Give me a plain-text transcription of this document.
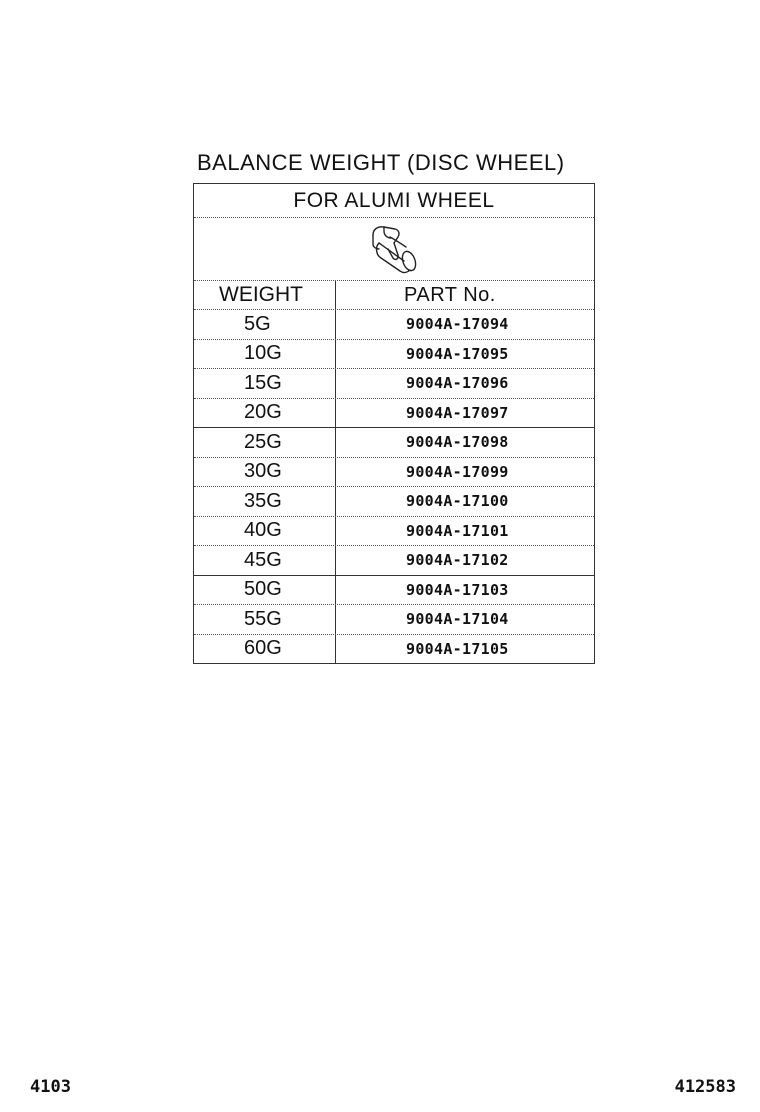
BALANCE WEIGHT (DISC WHEEL)
FOR ALUMI WHEEL
WEIGHT	PART No.
5G	9004A-17094
10G	9004A-17095
15G	9004A-17096
20G	9004A-17097
25G	9004A-17098
30G	9004A-17099
35G	9004A-17100
40G	9004A-17101
45G	9004A-17102
50G	9004A-17103
55G	9004A-17104
60G	9004A-17105
4103	412583
